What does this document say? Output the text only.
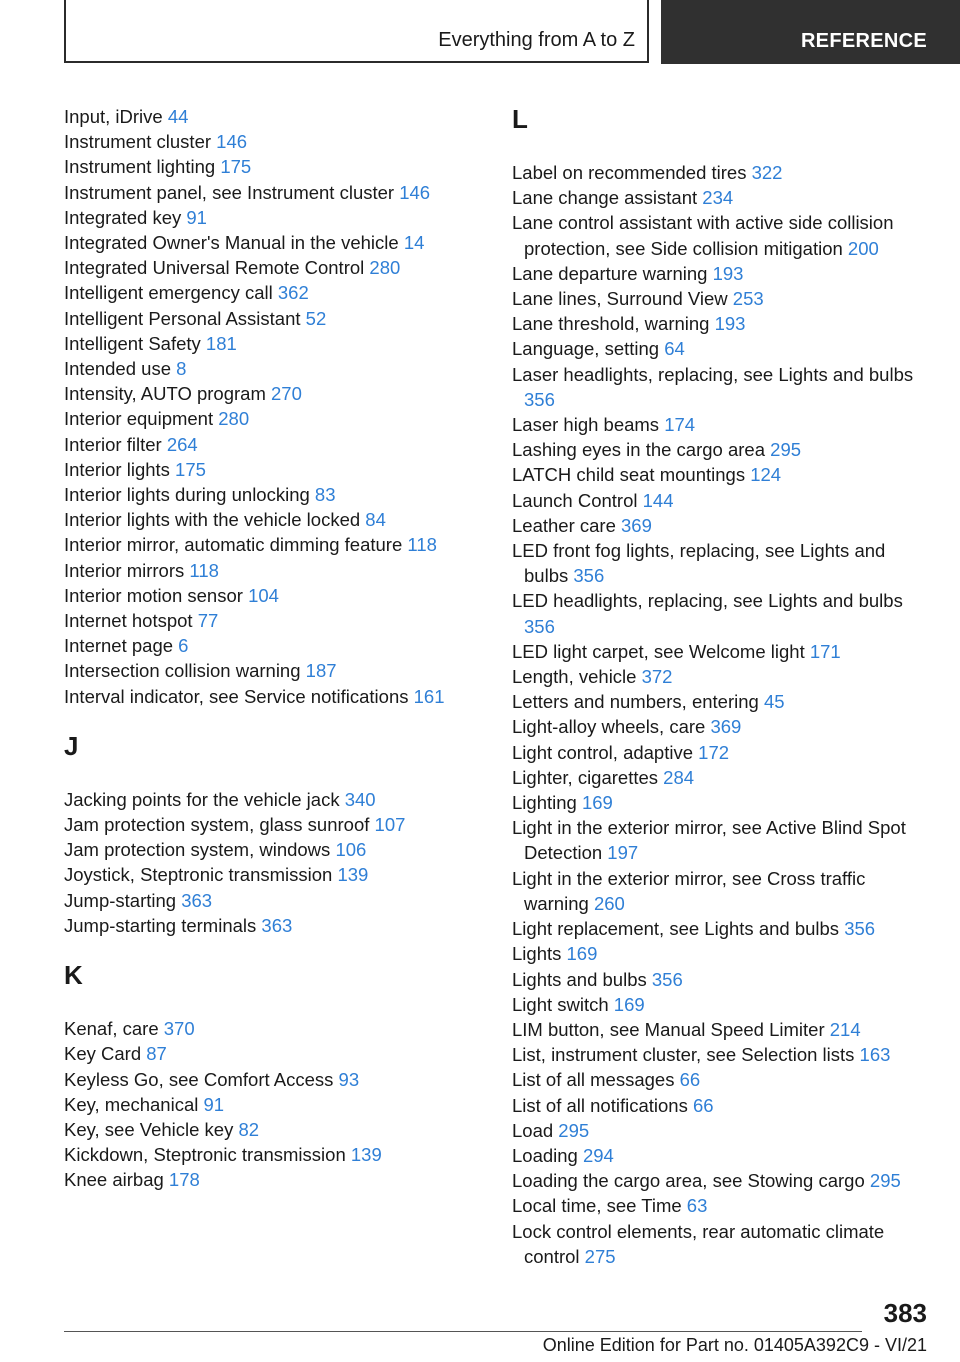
Everything from A to Z	REFERENCE
Input, iDrive 44
Instrument cluster 146
Instrument lighting 175
Instrument panel, see Instrument cluster 146
Integrated key 91
Integrated Owner's Manual in the vehicle 14
Integrated Universal Remote Control 280
Intelligent emergency call 362
Intelligent Personal Assistant 52
Intelligent Safety 181
Intended use 8
Intensity, AUTO program 270
Interior equipment 280
Interior filter 264
Interior lights 175
Interior lights during unlocking 83
Interior lights with the vehicle locked 84
Interior mirror, automatic dimming feature 118
Interior mirrors 118
Interior motion sensor 104
Internet hotspot 77
Internet page 6
Intersection collision warning 187
Interval indicator, see Service notifications 161
J
Jacking points for the vehicle jack 340
Jam protection system, glass sunroof 107
Jam protection system, windows 106
Joystick, Steptronic transmission 139
Jump-starting 363
Jump-starting terminals 363
K
Kenaf, care 370
Key Card 87
Keyless Go, see Comfort Access 93
Key, mechanical 91
Key, see Vehicle key 82
Kickdown, Steptronic transmission 139
Knee airbag 178
L
Label on recommended tires 322
Lane change assistant 234
Lane control assistant with active side collision protection, see Side collision mitigation 200
Lane departure warning 193
Lane lines, Surround View 253
Lane threshold, warning 193
Language, setting 64
Laser headlights, replacing, see Lights and bulbs 356
Laser high beams 174
Lashing eyes in the cargo area 295
LATCH child seat mountings 124
Launch Control 144
Leather care 369
LED front fog lights, replacing, see Lights and bulbs 356
LED headlights, replacing, see Lights and bulbs 356
LED light carpet, see Welcome light 171
Length, vehicle 372
Letters and numbers, entering 45
Light-alloy wheels, care 369
Light control, adaptive 172
Lighter, cigarettes 284
Lighting 169
Light in the exterior mirror, see Active Blind Spot Detection 197
Light in the exterior mirror, see Cross traffic warning 260
Light replacement, see Lights and bulbs 356
Lights 169
Lights and bulbs 356
Light switch 169
LIM button, see Manual Speed Limiter 214
List, instrument cluster, see Selection lists 163
List of all messages 66
List of all notifications 66
Load 295
Loading 294
Loading the cargo area, see Stowing cargo 295
Local time, see Time 63
Lock control elements, rear automatic climate control 275
383
Online Edition for Part no. 01405A392C9 - VI/21
